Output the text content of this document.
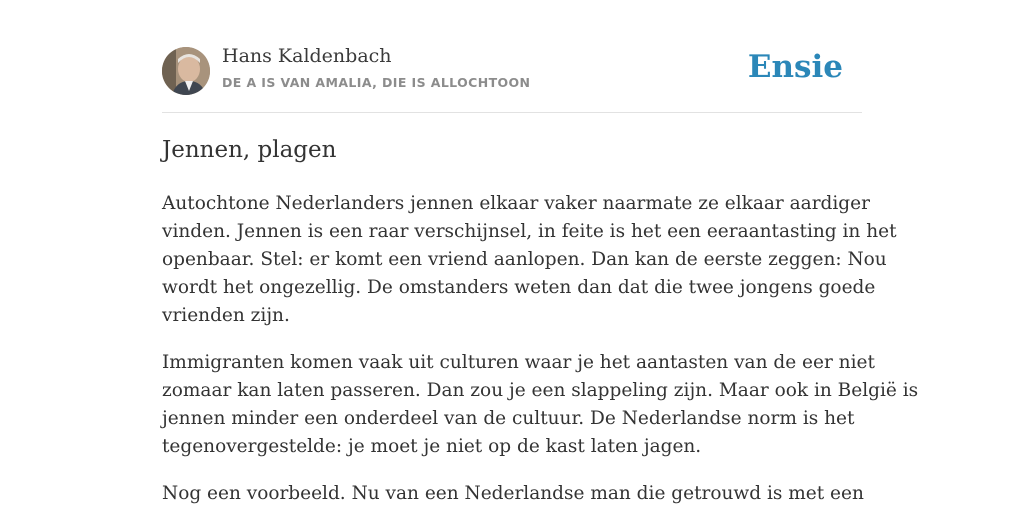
Hans Kaldenbach
DE A IS VAN AMALIA, DIE IS ALLOCHTOON	Ensie
Jennen, plagen

Autochtone Nederlanders jennen elkaar vaker naarmate ze elkaar aardiger
vinden. Jennen is een raar verschijnsel, in feite is het een eeraantasting in het
openbaar. Stel: er komt een vriend aanlopen. Dan kan de eerste zeggen: Nou
wordt het ongezellig. De omstanders weten dan dat die twee jongens goede
vrienden zijn.

Immigranten komen vaak uit culturen waar je het aantasten van de eer niet
zomaar kan laten passeren. Dan zou je een slappeling zijn. Maar ook in België is
jennen minder een onderdeel van de cultuur. De Nederlandse norm is het
tegenovergestelde: je moet je niet op de kast laten jagen.

Nog een voorbeeld. Nu van een Nederlandse man die getrouwd is met een
